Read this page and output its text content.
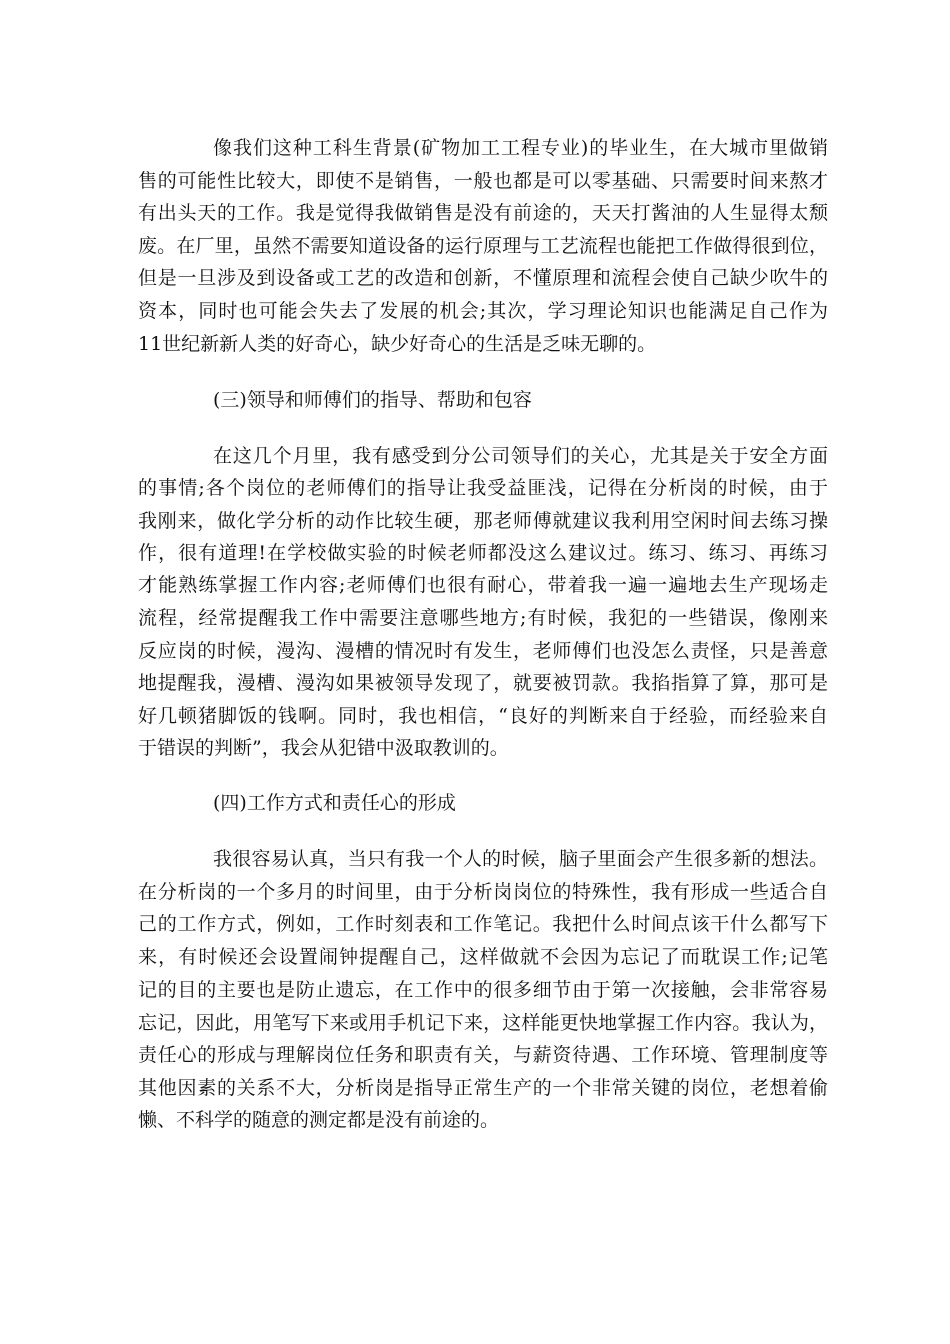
像我们这种工科生背景(矿物加工工程专业)的毕业生，在大城市里做销

售的可能性比较大，即使不是销售，一般也都是可以零基础、只需要时间来熬才

有出头天的工作。我是觉得我做销售是没有前途的，天天打酱油的人生显得太颓

废。在厂里，虽然不需要知道设备的运行原理与工艺流程也能把工作做得很到位，

但是一旦涉及到设备或工艺的改造和创新，不懂原理和流程会使自己缺少吹牛的

资本，同时也可能会失去了发展的机会;其次，学习理论知识也能满足自己作为

11世纪新新人类的好奇心，缺少好奇心的生活是乏味无聊的。

(三)领导和师傅们的指导、帮助和包容

在这几个月里，我有感受到分公司领导们的关心，尤其是关于安全方面

的事情;各个岗位的老师傅们的指导让我受益匪浅，记得在分析岗的时候，由于

我刚来，做化学分析的动作比较生硬，那老师傅就建议我利用空闲时间去练习操

作，很有道理!在学校做实验的时候老师都没这么建议过。练习、练习、再练习

才能熟练掌握工作内容;老师傅们也很有耐心，带着我一遍一遍地去生产现场走

流程，经常提醒我工作中需要注意哪些地方;有时候，我犯的一些错误，像刚来

反应岗的时候，漫沟、漫槽的情况时有发生，老师傅们也没怎么责怪，只是善意

地提醒我，漫槽、漫沟如果被领导发现了，就要被罚款。我掐指算了算，那可是

好几顿猪脚饭的钱啊。同时，我也相信，“良好的判断来自于经验，而经验来自

于错误的判断”，我会从犯错中汲取教训的。

(四)工作方式和责任心的形成

我很容易认真，当只有我一个人的时候，脑子里面会产生很多新的想法。

在分析岗的一个多月的时间里，由于分析岗岗位的特殊性，我有形成一些适合自

己的工作方式，例如，工作时刻表和工作笔记。我把什么时间点该干什么都写下

来，有时候还会设置闹钟提醒自己，这样做就不会因为忘记了而耽误工作;记笔

记的目的主要也是防止遗忘，在工作中的很多细节由于第一次接触，会非常容易

忘记，因此，用笔写下来或用手机记下来，这样能更快地掌握工作内容。我认为，

责任心的形成与理解岗位任务和职责有关，与薪资待遇、工作环境、管理制度等

其他因素的关系不大，分析岗是指导正常生产的一个非常关键的岗位，老想着偷

懒、不科学的随意的测定都是没有前途的。
